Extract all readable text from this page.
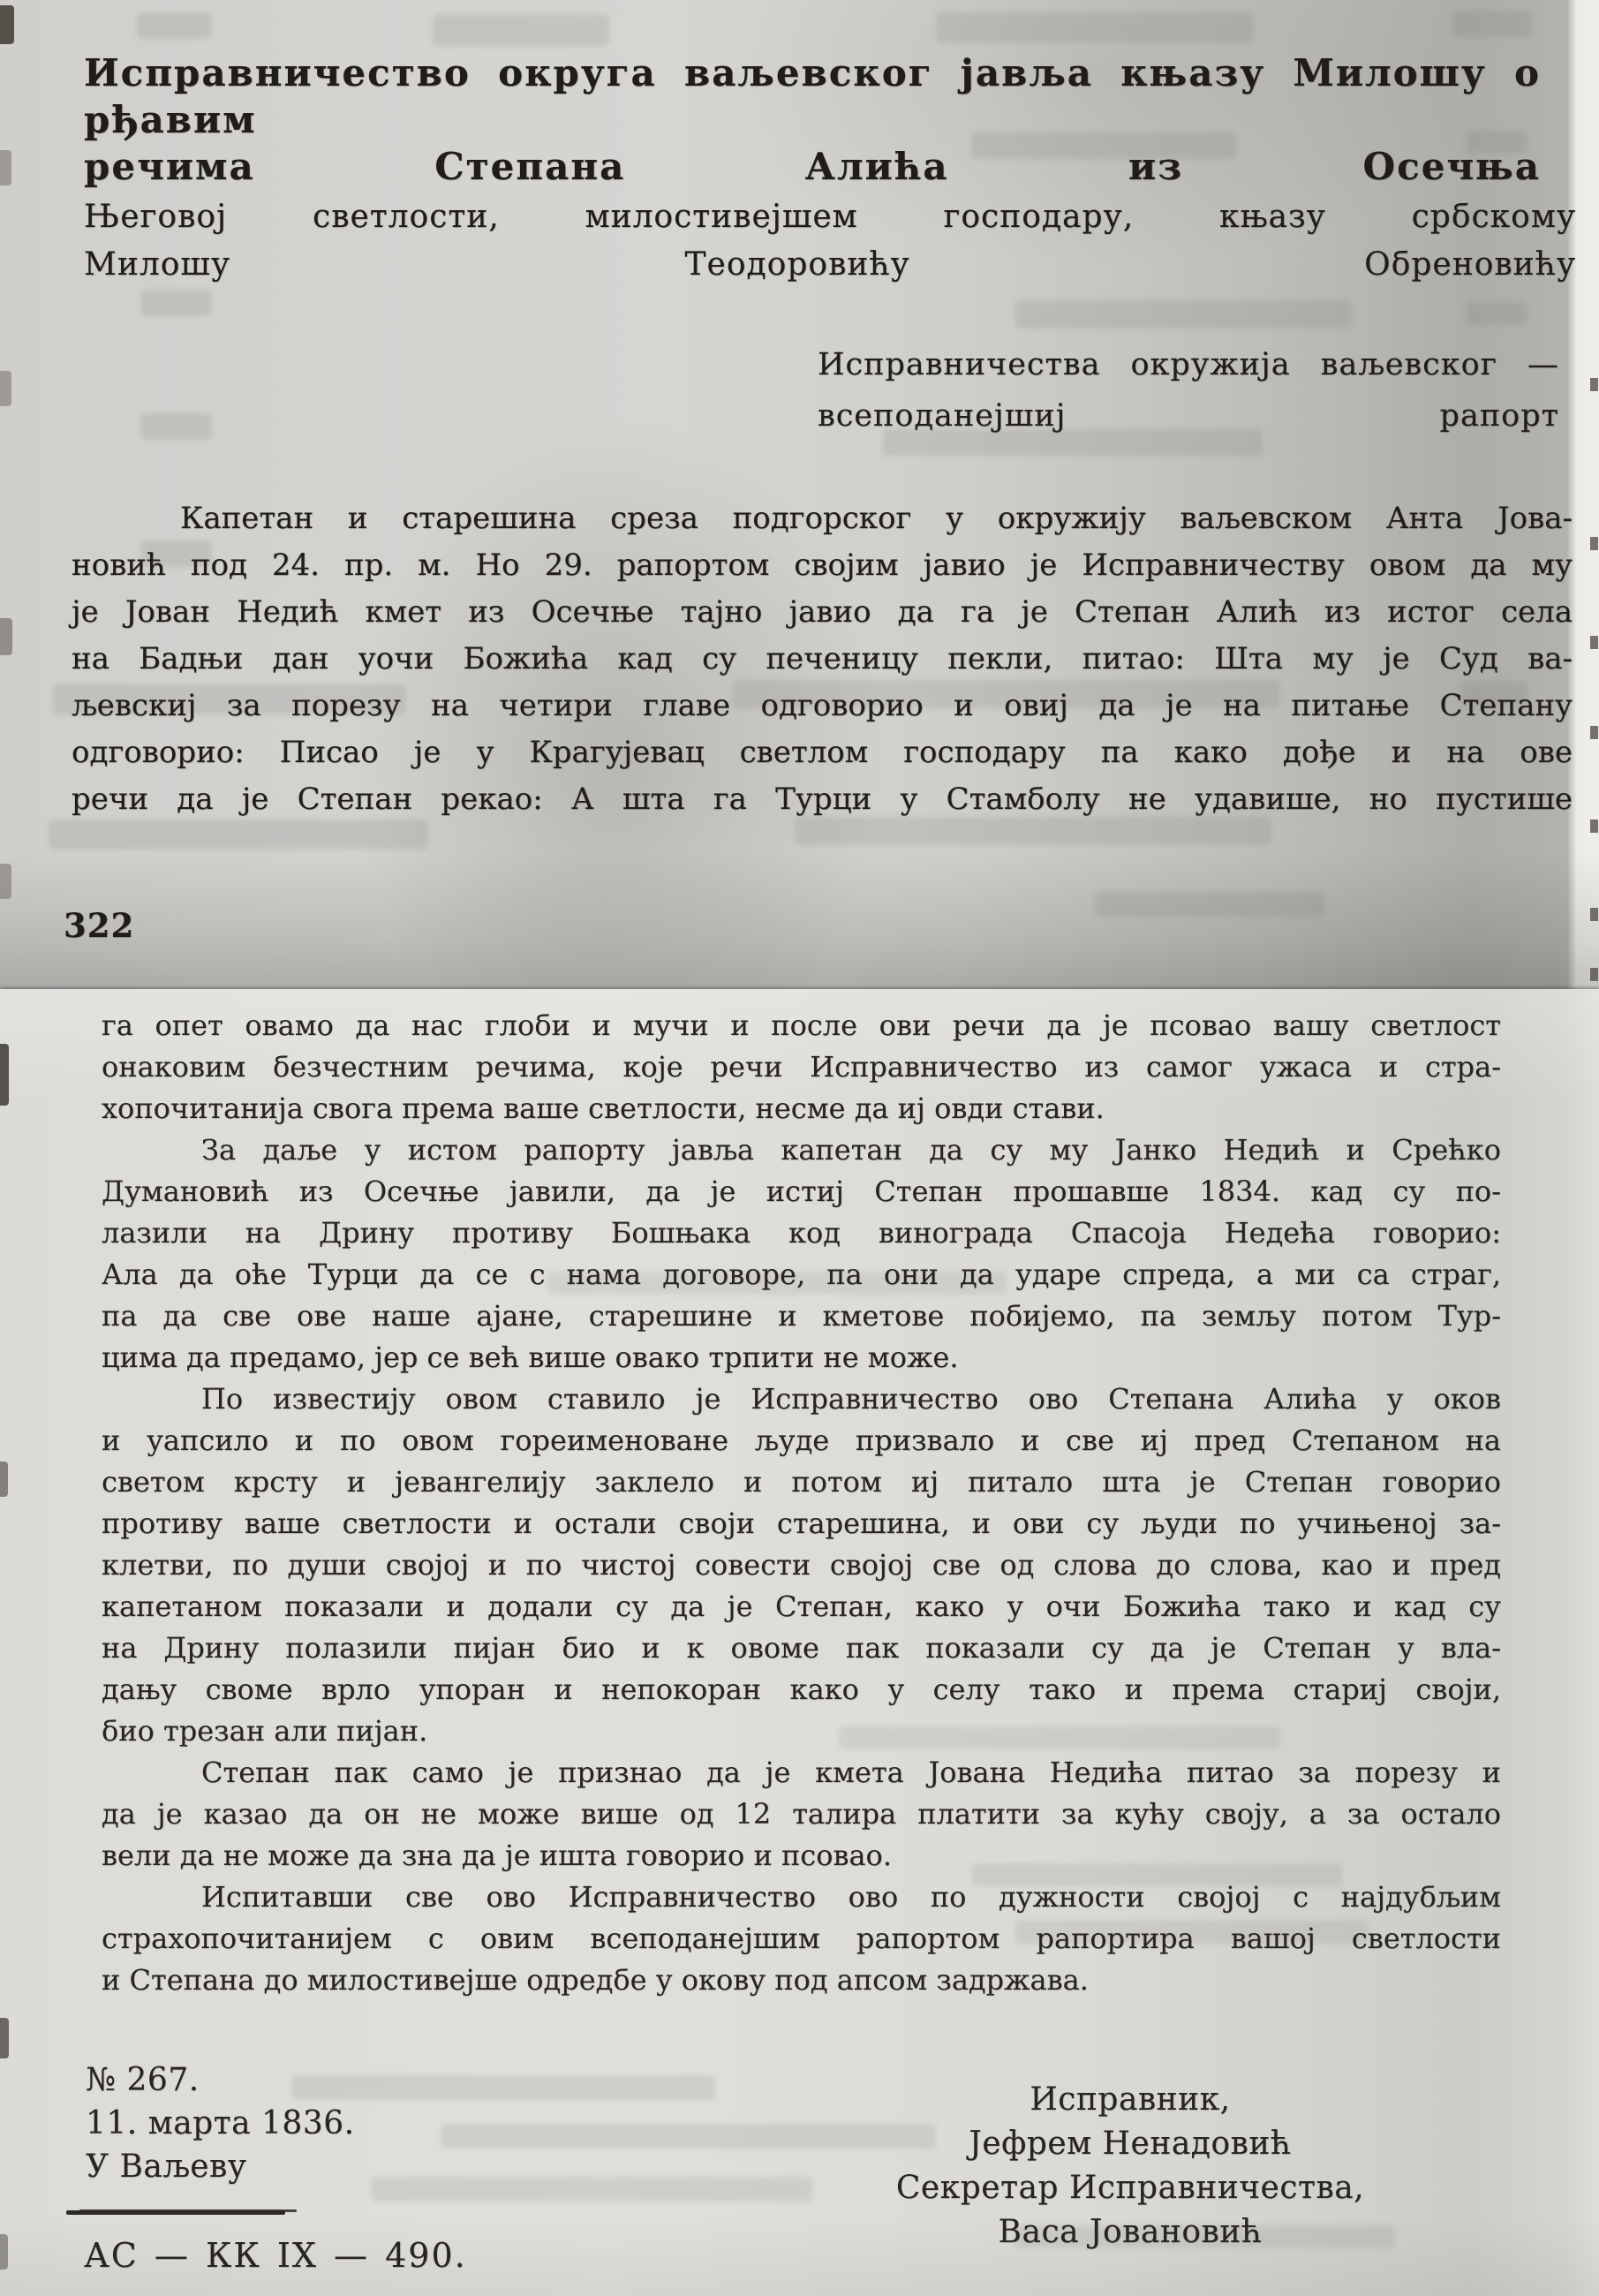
Исправничество округа ваљевског јавља књазу Милошу о рђавим
речима Степана Алића из Осечња
Његовој светлости, милостивејшем господару, књазу србскому
Милошу Теодоровићу Обреновићу
Исправничества окружија ваљевског —
всеподанејшиј рапорт
Капетан и старешина среза подгорског у окружију ваљевском Анта Јова-
новић под 24. пр. м. Но 29. рапортом својим јавио је Исправничеству овом да му
је Јован Недић кмет из Осечње тајно јавио да га је Степан Алић из истог села
на Бадњи дан уочи Божића кад су печеницу пекли, питао: Шта му је Суд ва-
љевскиј за порезу на четири главе одговорио и овиј да је на питање Степану
одговорио: Писао је у Крагујевац светлом господару па како дође и на ове
речи да је Степан рекао: А шта га Турци у Стамболу не удавише, но пустише
322
га опет овамо да нас глоби и мучи и после ови речи да је псовао вашу светлост
онаковим безчестним речима, које речи Исправничество из самог ужаса и стра-
хопочитанија свога према ваше светлости, несме да иј овди стави.
За даље у истом рапорту јавља капетан да су му Јанко Недић и Срећко
Думановић из Осечње јавили, да је истиј Степан прошавше 1834. кад су по-
лазили на Дрину противу Бошњака код винограда Спасоја Недећа говорио:
Ала да оће Турци да се с нама договоре, па они да ударе спреда, а ми са страг,
па да све ове наше ајане, старешине и кметове побијемо, па земљу потом Тур-
цима да предамо, јер се већ више овако трпити не може.
По известију овом ставило је Исправничество ово Степана Алића у оков
и уапсило и по овом гореименоване људе призвало и све иј пред Степаном на
светом крсту и јевангелију заклело и потом иј питало шта је Степан говорио
противу ваше светлости и остали своји старешина, и ови су људи по учињеној за-
клетви, по души својој и по чистој совести својој све од слова до слова, као и пред
капетаном показали и додали су да је Степан, како у очи Божића тако и кад су
на Дрину полазили пијан био и к овоме пак показали су да је Степан у вла-
дању своме врло упоран и непокоран како у селу тако и према стариј своји,
био трезан али пијан.
Степан пак само је признао да је кмета Јована Недића питао за порезу и
да је казао да он не може више од 12 талира платити за кућу своју, а за остало
вели да не може да зна да је ишта говорио и псовао.
Испитавши све ово Исправничество ово по дужности својој с најдубљим
страхопочитанијем с овим всеподанејшим рапортом рапортира вашој светлости
и Степана до милостивејше одредбе у окову под апсом задржава.
№ 267.
11. марта 1836.
У Ваљеву
АС — КК IX — 490.
Исправник,
Јефрем Ненадовић
Секретар Исправничества,
Васа Јовановић
